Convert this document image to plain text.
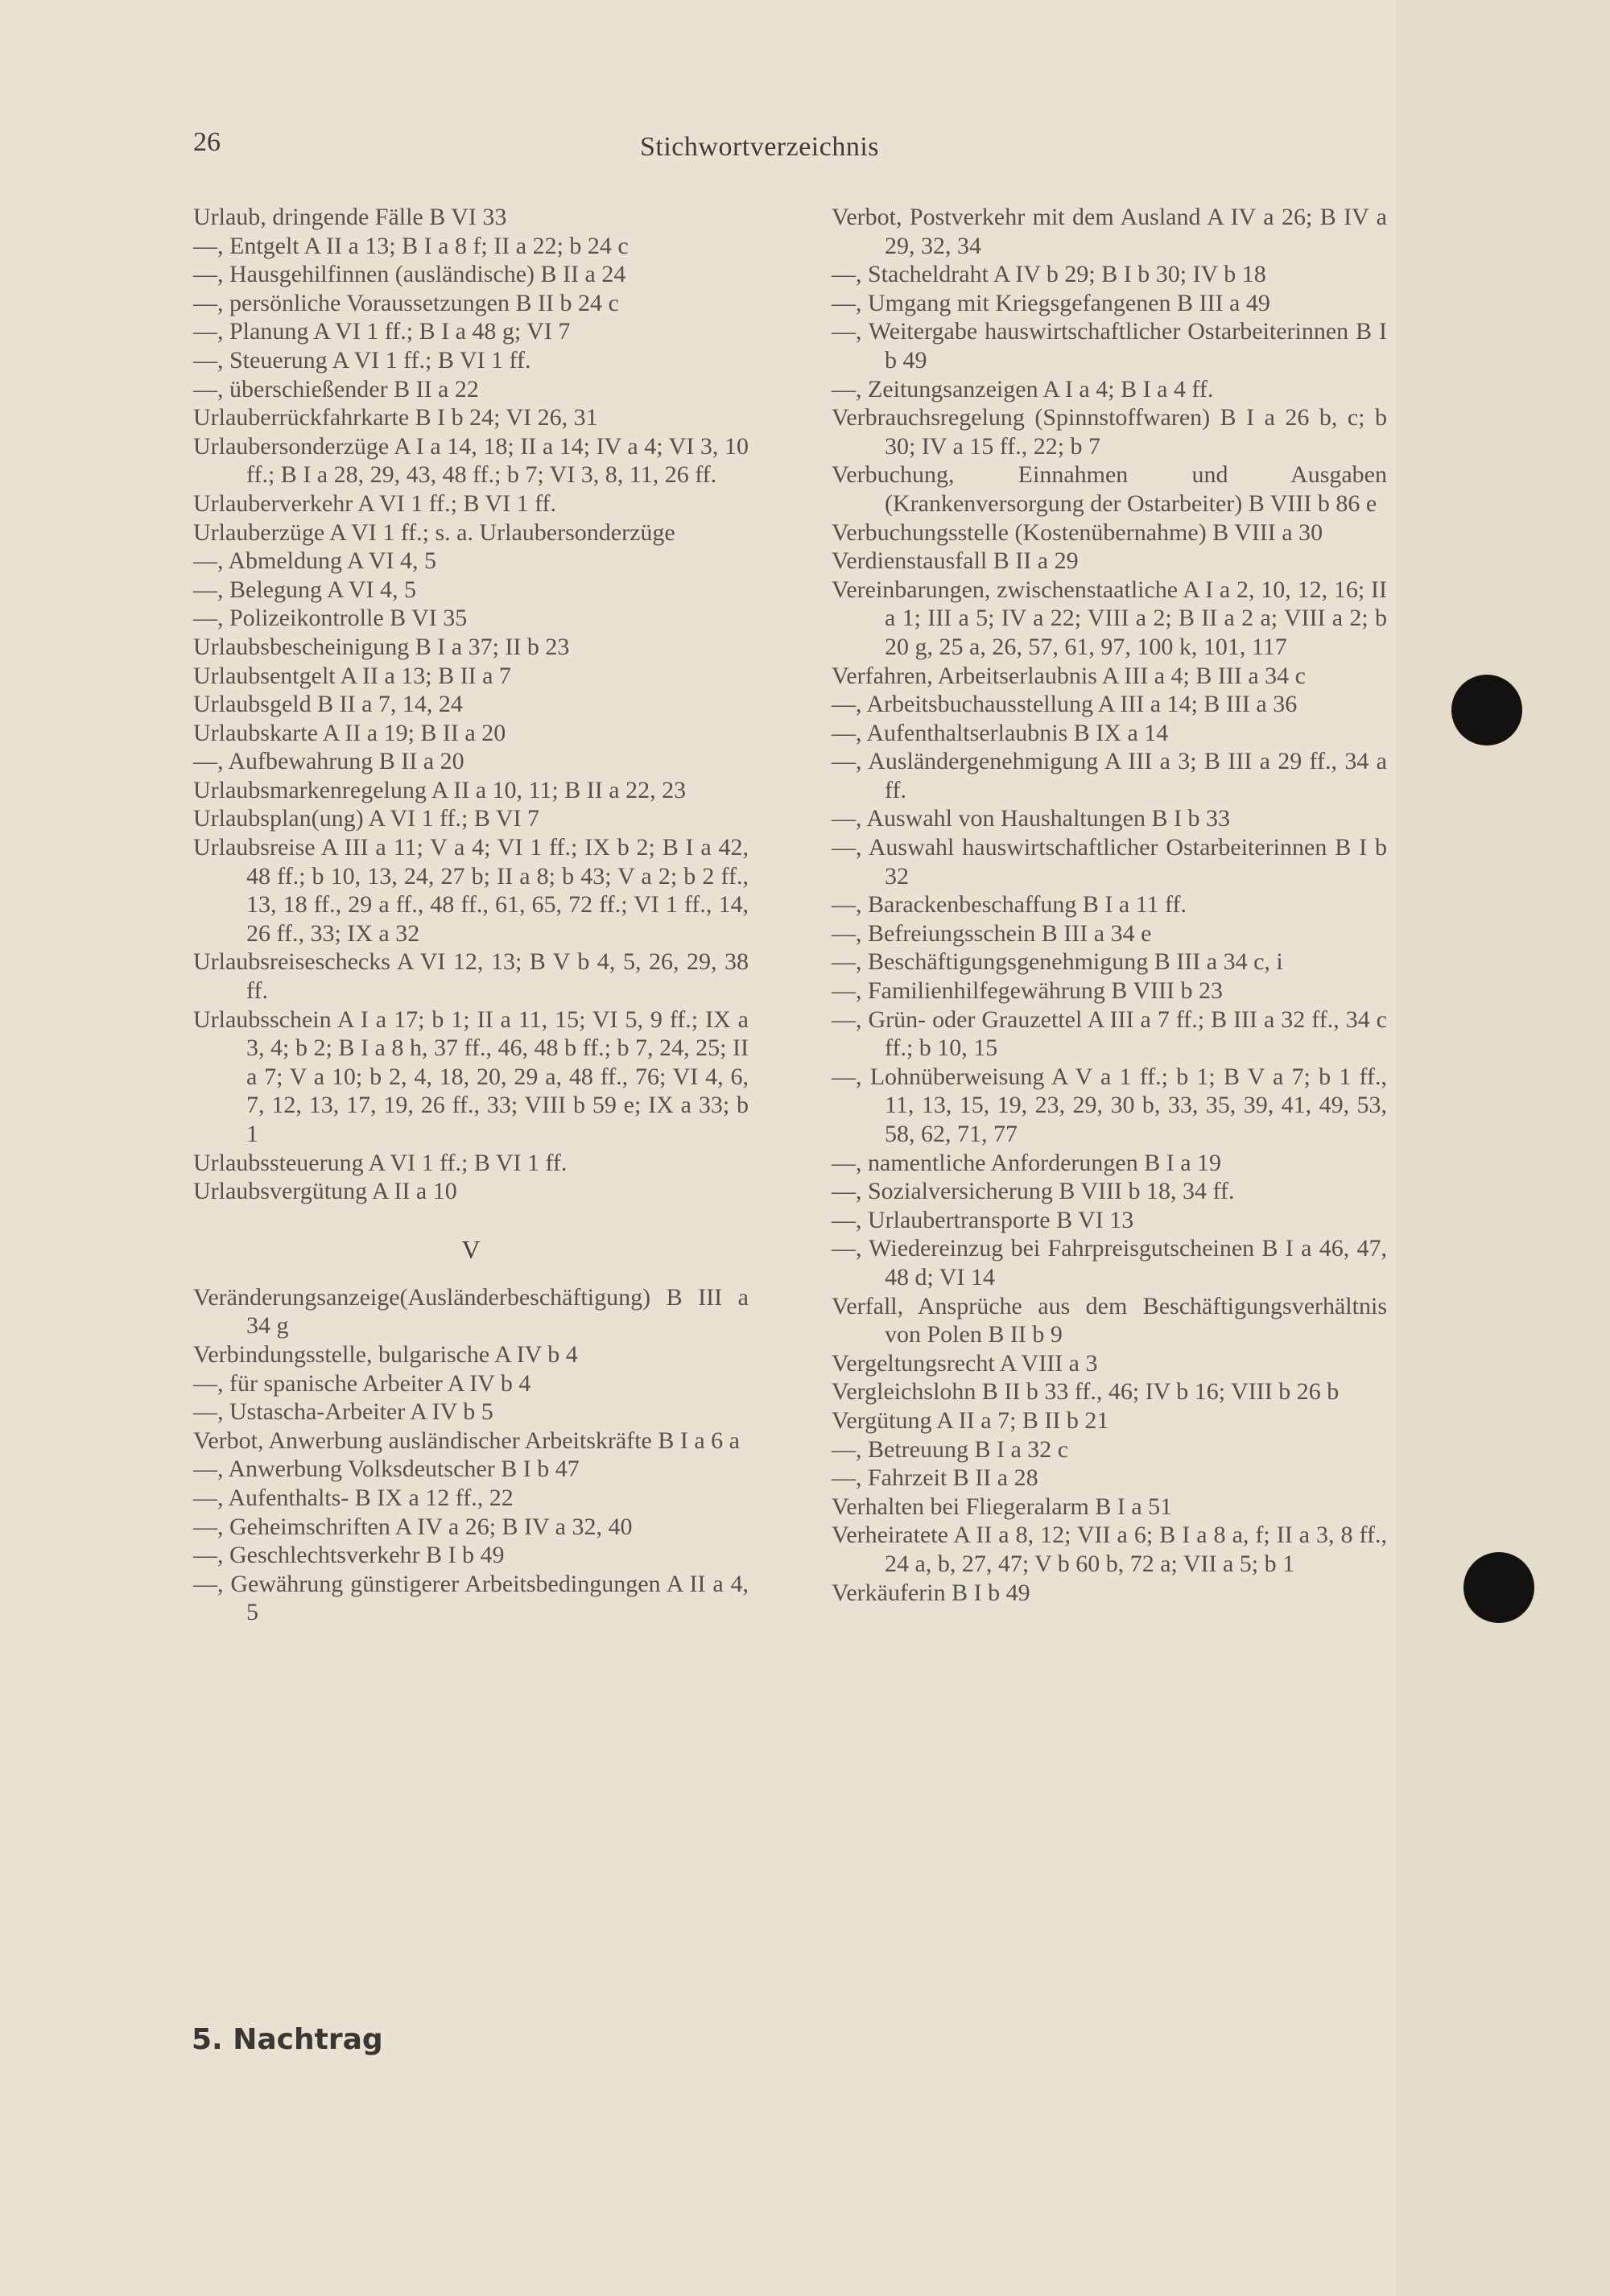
26	Stichwortverzeichnis
Urlaub, dringende Fälle B VI 33
—, Entgelt A II a 13; B I a 8 f; II a 22; b 24 c
—, Hausgehilfinnen (ausländische) B II a 24
—, persönliche Voraussetzungen B II b 24 c
—, Planung A VI 1 ff.; B I a 48 g; VI 7
—, Steuerung A VI 1 ff.; B VI 1 ff.
—, überschießender B II a 22
Urlauberrückfahrkarte B I b 24; VI 26, 31
Urlaubersonderzüge A I a 14, 18; II a 14; IV a 4; VI 3, 10 ff.; B I a 28, 29, 43, 48 ff.; b 7; VI 3, 8, 11, 26 ff.
Urlauberverkehr A VI 1 ff.; B VI 1 ff.
Urlauberzüge A VI 1 ff.; s. a. Urlaubersonderzüge
—, Abmeldung A VI 4, 5
—, Belegung A VI 4, 5
—, Polizeikontrolle B VI 35
Urlaubsbescheinigung B I a 37; II b 23
Urlaubsentgelt A II a 13; B II a 7
Urlaubsgeld B II a 7, 14, 24
Urlaubskarte A II a 19; B II a 20
—, Aufbewahrung B II a 20
Urlaubsmarkenregelung A II a 10, 11; B II a 22, 23
Urlaubsplan(ung) A VI 1 ff.; B VI 7
Urlaubsreise A III a 11; V a 4; VI 1 ff.; IX b 2; B I a 42, 48 ff.; b 10, 13, 24, 27 b; II a 8; b 43; V a 2; b 2 ff., 13, 18 ff., 29 a ff., 48 ff., 61, 65, 72 ff.; VI 1 ff., 14, 26 ff., 33; IX a 32
Urlaubsreiseschecks A VI 12, 13; B V b 4, 5, 26, 29, 38 ff.
Urlaubsschein A I a 17; b 1; II a 11, 15; VI 5, 9 ff.; IX a 3, 4; b 2; B I a 8 h, 37 ff., 46, 48 b ff.; b 7, 24, 25; II a 7; V a 10; b 2, 4, 18, 20, 29 a, 48 ff., 76; VI 4, 6, 7, 12, 13, 17, 19, 26 ff., 33; VIII b 59 e; IX a 33; b 1
Urlaubssteuerung A VI 1 ff.; B VI 1 ff.
Urlaubsvergütung A II a 10
V
Veränderungsanzeige(Ausländerbeschäftigung) B III a 34 g
Verbindungsstelle, bulgarische A IV b 4
—, für spanische Arbeiter A IV b 4
—, Ustascha-Arbeiter A IV b 5
Verbot, Anwerbung ausländischer Arbeitskräfte B I a 6 a
—, Anwerbung Volksdeutscher B I b 47
—, Aufenthalts- B IX a 12 ff., 22
—, Geheimschriften A IV a 26; B IV a 32, 40
—, Geschlechtsverkehr B I b 49
—, Gewährung günstigerer Arbeitsbedingungen A II a 4, 5
Verbot, Postverkehr mit dem Ausland A IV a 26; B IV a 29, 32, 34
—, Stacheldraht A IV b 29; B I b 30; IV b 18
—, Umgang mit Kriegsgefangenen B III a 49
—, Weitergabe hauswirtschaftlicher Ostarbeiterinnen B I b 49
—, Zeitungsanzeigen A I a 4; B I a 4 ff.
Verbrauchsregelung (Spinnstoffwaren) B I a 26 b, c; b 30; IV a 15 ff., 22; b 7
Verbuchung, Einnahmen und Ausgaben (Krankenversorgung der Ostarbeiter) B VIII b 86 e
Verbuchungsstelle (Kostenübernahme) B VIII a 30
Verdienstausfall B II a 29
Vereinbarungen, zwischenstaatliche A I a 2, 10, 12, 16; II a 1; III a 5; IV a 22; VIII a 2; B II a 2 a; VIII a 2; b 20 g, 25 a, 26, 57, 61, 97, 100 k, 101, 117
Verfahren, Arbeitserlaubnis A III a 4; B III a 34 c
—, Arbeitsbuchausstellung A III a 14; B III a 36
—, Aufenthaltserlaubnis B IX a 14
—, Ausländergenehmigung A III a 3; B III a 29 ff., 34 a ff.
—, Auswahl von Haushaltungen B I b 33
—, Auswahl hauswirtschaftlicher Ostarbeiterinnen B I b 32
—, Barackenbeschaffung B I a 11 ff.
—, Befreiungsschein B III a 34 e
—, Beschäftigungsgenehmigung B III a 34 c, i
—, Familienhilfegewährung B VIII b 23
—, Grün- oder Grauzettel A III a 7 ff.; B III a 32 ff., 34 c ff.; b 10, 15
—, Lohnüberweisung A V a 1 ff.; b 1; B V a 7; b 1 ff., 11, 13, 15, 19, 23, 29, 30 b, 33, 35, 39, 41, 49, 53, 58, 62, 71, 77
—, namentliche Anforderungen B I a 19
—, Sozialversicherung B VIII b 18, 34 ff.
—, Urlaubertransporte B VI 13
—, Wiedereinzug bei Fahrpreisgutscheinen B I a 46, 47, 48 d; VI 14
Verfall, Ansprüche aus dem Beschäftigungsverhältnis von Polen B II b 9
Vergeltungsrecht A VIII a 3
Vergleichslohn B II b 33 ff., 46; IV b 16; VIII b 26 b
Vergütung A II a 7; B II b 21
—, Betreuung B I a 32 c
—, Fahrzeit B II a 28
Verhalten bei Fliegeralarm B I a 51
Verheiratete A II a 8, 12; VII a 6; B I a 8 a, f; II a 3, 8 ff., 24 a, b, 27, 47; V b 60 b, 72 a; VII a 5; b 1
Verkäuferin B I b 49
5. Nachtrag
